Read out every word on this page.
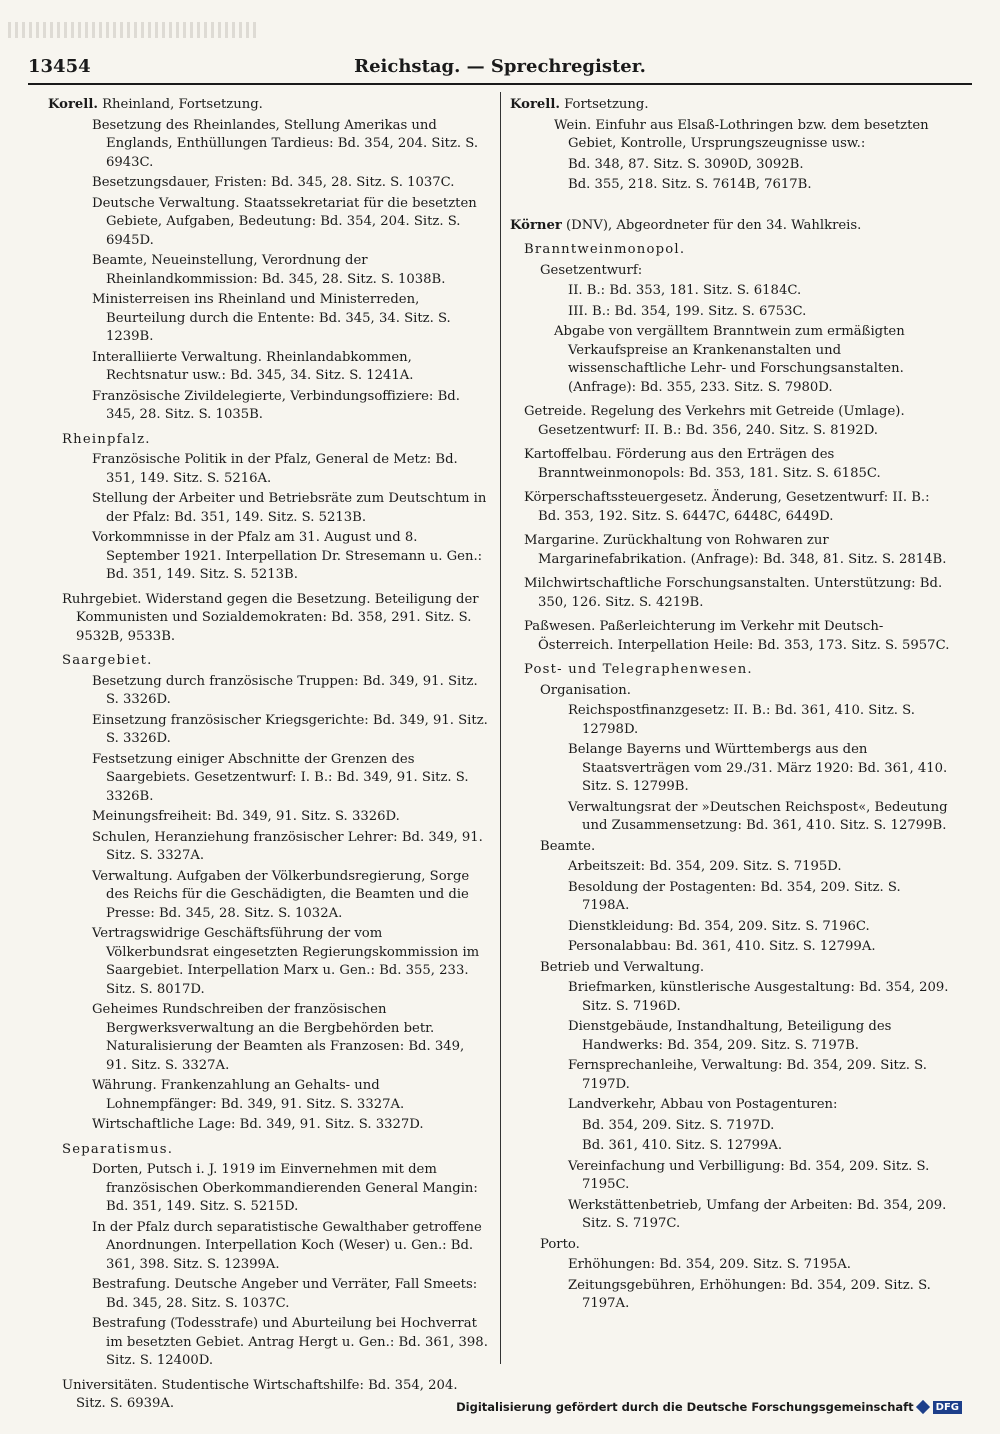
13454	Reichstag. — Sprechregister.
Korell. Rheinland, Fortsetzung.
Besetzung des Rheinlandes, Stellung Amerikas und Englands, Enthüllungen Tardieus: Bd. 354, 204. Sitz. S. 6943C.
Besetzungsdauer, Fristen: Bd. 345, 28. Sitz. S. 1037C.
Deutsche Verwaltung. Staatssekretariat für die besetzten Gebiete, Aufgaben, Bedeutung: Bd. 354, 204. Sitz. S. 6945D.
Beamte, Neueinstellung, Verordnung der Rheinlandkommission: Bd. 345, 28. Sitz. S. 1038B.
Ministerreisen ins Rheinland und Ministerreden, Beurteilung durch die Entente: Bd. 345, 34. Sitz. S. 1239B.
Interalliierte Verwaltung. Rheinlandabkommen, Rechtsnatur usw.: Bd. 345, 34. Sitz. S. 1241A.
Französische Zivildelegierte, Verbindungsoffiziere: Bd. 345, 28. Sitz. S. 1035B.
Rheinpfalz.
Französische Politik in der Pfalz, General de Metz: Bd. 351, 149. Sitz. S. 5216A.
Stellung der Arbeiter und Betriebsräte zum Deutschtum in der Pfalz: Bd. 351, 149. Sitz. S. 5213B.
Vorkommnisse in der Pfalz am 31. August und 8. September 1921. Interpellation Dr. Stresemann u. Gen.: Bd. 351, 149. Sitz. S. 5213B.
Ruhrgebiet. Widerstand gegen die Besetzung. Beteiligung der Kommunisten und Sozialdemokraten: Bd. 358, 291. Sitz. S. 9532B, 9533B.
Saargebiet.
Besetzung durch französische Truppen: Bd. 349, 91. Sitz. S. 3326D.
Einsetzung französischer Kriegsgerichte: Bd. 349, 91. Sitz. S. 3326D.
Festsetzung einiger Abschnitte der Grenzen des Saargebiets. Gesetzentwurf: I. B.: Bd. 349, 91. Sitz. S. 3326B.
Meinungsfreiheit: Bd. 349, 91. Sitz. S. 3326D.
Schulen, Heranziehung französischer Lehrer: Bd. 349, 91. Sitz. S. 3327A.
Verwaltung. Aufgaben der Völkerbundsregierung, Sorge des Reichs für die Geschädigten, die Beamten und die Presse: Bd. 345, 28. Sitz. S. 1032A.
Vertragswidrige Geschäftsführung der vom Völkerbundsrat eingesetzten Regierungskommission im Saargebiet. Interpellation Marx u. Gen.: Bd. 355, 233. Sitz. S. 8017D.
Geheimes Rundschreiben der französischen Bergwerksverwaltung an die Bergbehörden betr. Naturalisierung der Beamten als Franzosen: Bd. 349, 91. Sitz. S. 3327A.
Währung. Frankenzahlung an Gehalts- und Lohnempfänger: Bd. 349, 91. Sitz. S. 3327A.
Wirtschaftliche Lage: Bd. 349, 91. Sitz. S. 3327D.
Separatismus.
Dorten, Putsch i. J. 1919 im Einvernehmen mit dem französischen Oberkommandierenden General Mangin: Bd. 351, 149. Sitz. S. 5215D.
In der Pfalz durch separatistische Gewalthaber getroffene Anordnungen. Interpellation Koch (Weser) u. Gen.: Bd. 361, 398. Sitz. S. 12399A.
Bestrafung. Deutsche Angeber und Verräter, Fall Smeets: Bd. 345, 28. Sitz. S. 1037C.
Bestrafung (Todesstrafe) und Aburteilung bei Hochverrat im besetzten Gebiet. Antrag Hergt u. Gen.: Bd. 361, 398. Sitz. S. 12400D.
Universitäten. Studentische Wirtschaftshilfe: Bd. 354, 204. Sitz. S. 6939A.
Korell. Fortsetzung.
Wein. Einfuhr aus Elsaß-Lothringen bzw. dem besetzten Gebiet, Kontrolle, Ursprungszeugnisse usw.:
Bd. 348, 87. Sitz. S. 3090D, 3092B.
Bd. 355, 218. Sitz. S. 7614B, 7617B.
Körner (DNV), Abgeordneter für den 34. Wahlkreis.
Branntweinmonopol.
Gesetzentwurf:
II. B.: Bd. 353, 181. Sitz. S. 6184C.
III. B.: Bd. 354, 199. Sitz. S. 6753C.
Abgabe von vergälltem Branntwein zum ermäßigten Verkaufspreise an Krankenanstalten und wissenschaftliche Lehr- und Forschungsanstalten. (Anfrage): Bd. 355, 233. Sitz. S. 7980D.
Getreide. Regelung des Verkehrs mit Getreide (Umlage). Gesetzentwurf: II. B.: Bd. 356, 240. Sitz. S. 8192D.
Kartoffelbau. Förderung aus den Erträgen des Branntweinmonopols: Bd. 353, 181. Sitz. S. 6185C.
Körperschaftssteuergesetz. Änderung, Gesetzentwurf: II. B.: Bd. 353, 192. Sitz. S. 6447C, 6448C, 6449D.
Margarine. Zurückhaltung von Rohwaren zur Margarinefabrikation. (Anfrage): Bd. 348, 81. Sitz. S. 2814B.
Milchwirtschaftliche Forschungsanstalten. Unterstützung: Bd. 350, 126. Sitz. S. 4219B.
Paßwesen. Paßerleichterung im Verkehr mit Deutsch-Österreich. Interpellation Heile: Bd. 353, 173. Sitz. S. 5957C.
Post- und Telegraphenwesen.
Organisation.
Reichspostfinanzgesetz: II. B.: Bd. 361, 410. Sitz. S. 12798D.
Belange Bayerns und Württembergs aus den Staatsverträgen vom 29./31. März 1920: Bd. 361, 410. Sitz. S. 12799B.
Verwaltungsrat der »Deutschen Reichspost«, Bedeutung und Zusammensetzung: Bd. 361, 410. Sitz. S. 12799B.
Beamte.
Arbeitszeit: Bd. 354, 209. Sitz. S. 7195D.
Besoldung der Postagenten: Bd. 354, 209. Sitz. S. 7198A.
Dienstkleidung: Bd. 354, 209. Sitz. S. 7196C.
Personalabbau: Bd. 361, 410. Sitz. S. 12799A.
Betrieb und Verwaltung.
Briefmarken, künstlerische Ausgestaltung: Bd. 354, 209. Sitz. S. 7196D.
Dienstgebäude, Instandhaltung, Beteiligung des Handwerks: Bd. 354, 209. Sitz. S. 7197B.
Fernsprechanleihe, Verwaltung: Bd. 354, 209. Sitz. S. 7197D.
Landverkehr, Abbau von Postagenturen:
Bd. 354, 209. Sitz. S. 7197D.
Bd. 361, 410. Sitz. S. 12799A.
Vereinfachung und Verbilligung: Bd. 354, 209. Sitz. S. 7195C.
Werkstättenbetrieb, Umfang der Arbeiten: Bd. 354, 209. Sitz. S. 7197C.
Porto.
Erhöhungen: Bd. 354, 209. Sitz. S. 7195A.
Zeitungsgebühren, Erhöhungen: Bd. 354, 209. Sitz. S. 7197A.
Digitalisierung gefördert durch die Deutsche Forschungsgemeinschaft	DFG
